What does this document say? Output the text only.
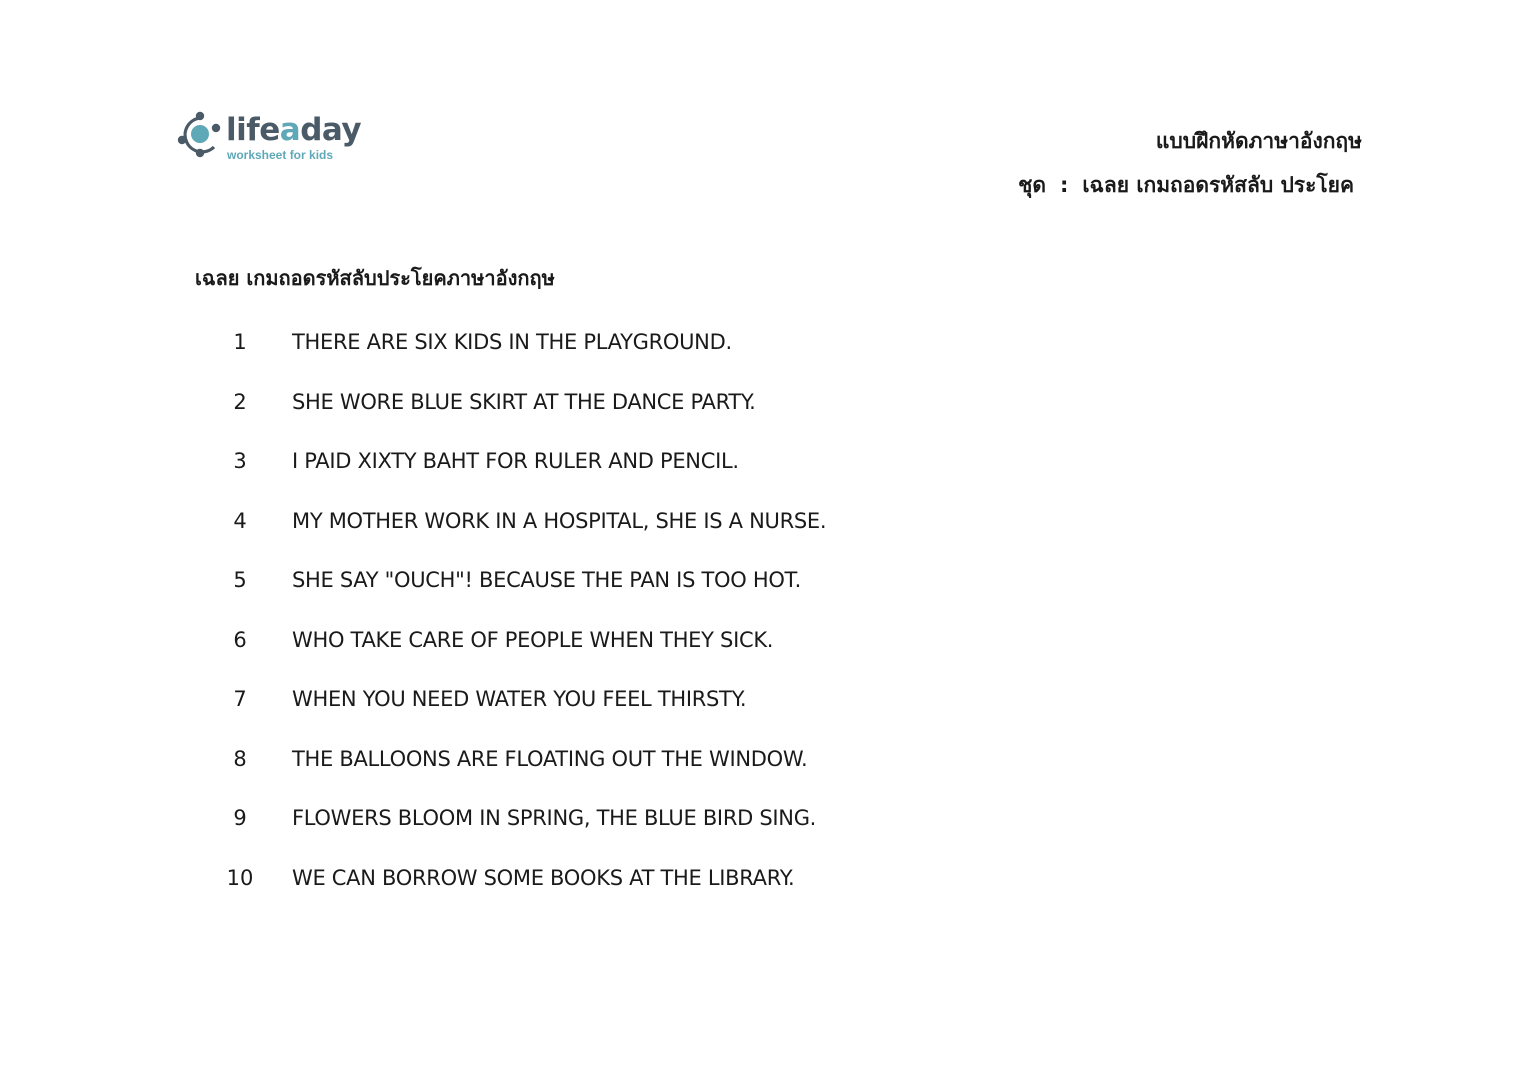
lifeaday
worksheet for kids
แบบฝึกหัดภาษาอังกฤษ
ชุด : เฉลย เกมถอดรหัสลับ ประโยค
เฉลย เกมถอดรหัสลับประโยคภาษาอังกฤษ
1	THERE ARE SIX KIDS IN THE PLAYGROUND.
2	SHE WORE BLUE SKIRT AT THE DANCE PARTY.
3	I PAID XIXTY BAHT FOR RULER AND PENCIL.
4	MY MOTHER WORK IN A HOSPITAL, SHE IS A NURSE.
5	SHE SAY "OUCH"! BECAUSE THE PAN IS TOO HOT.
6	WHO TAKE CARE OF PEOPLE WHEN THEY SICK.
7	WHEN YOU NEED WATER YOU FEEL THIRSTY.
8	THE BALLOONS ARE FLOATING OUT THE WINDOW.
9	FLOWERS BLOOM IN SPRING, THE BLUE BIRD SING.
10	WE CAN BORROW SOME BOOKS AT THE LIBRARY.
